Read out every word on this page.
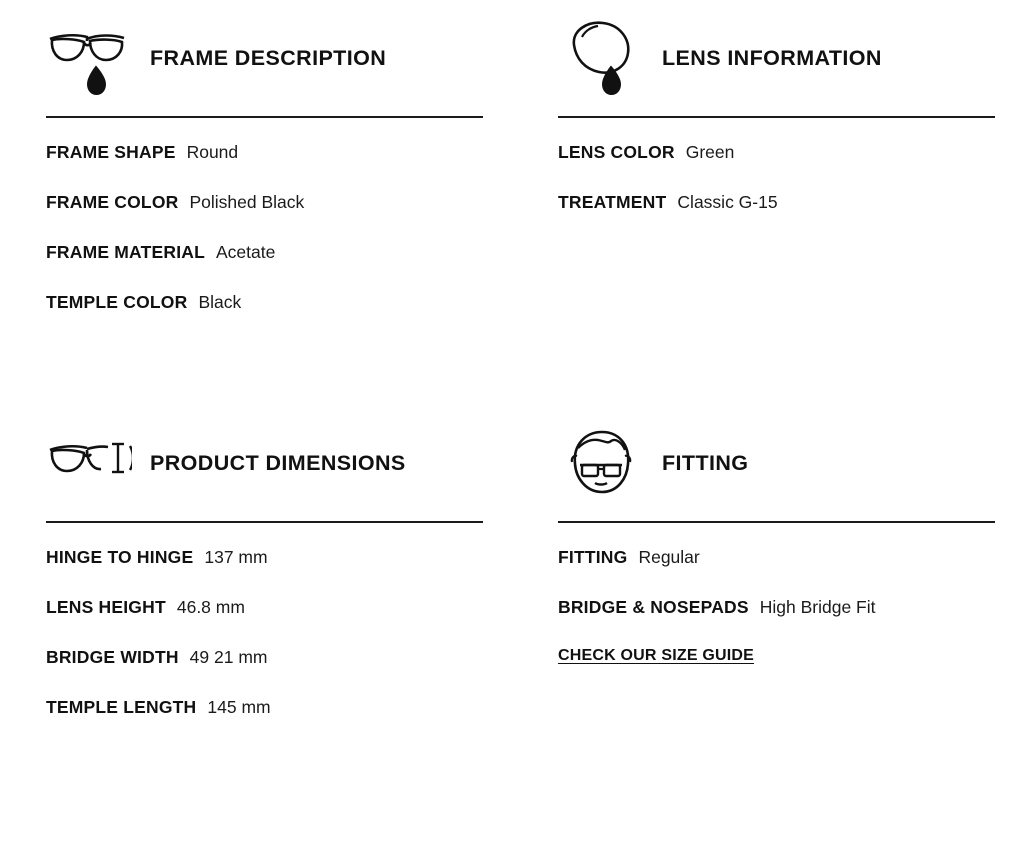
FRAME DESCRIPTION
FRAME SHAPE Round
FRAME COLOR Polished Black
FRAME MATERIAL Acetate
TEMPLE COLOR Black
LENS INFORMATION
LENS COLOR Green
TREATMENT Classic G-15
PRODUCT DIMENSIONS
HINGE TO HINGE 137 mm
LENS HEIGHT 46.8 mm
BRIDGE WIDTH 49 21 mm
TEMPLE LENGTH 145 mm
FITTING
FITTING Regular
BRIDGE & NOSEPADS High Bridge Fit
CHECK OUR SIZE GUIDE
